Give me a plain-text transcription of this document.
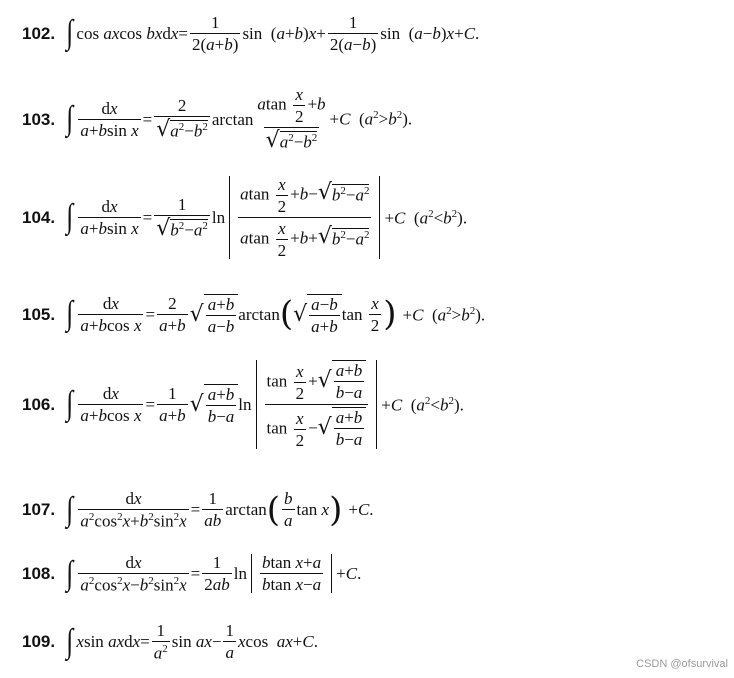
102. ∫ cos axcos bxdx= $\frac{1}{2(a+b)}$ $\sin (a+b)x+ \frac{1}{2(a-b)}$ sin  (a−b)x+C.
103. ∫ $\frac{dx}{\text{a+bsin x}} = \frac{2}{√ a^2-b^2}$ $\arctan \frac{atan \frac{x}{2} +b}{√ a^2-b^2} +C$  $(a^2>b^2)$.
104. ∫ $\frac{dx}{\text{a+bsin x}} = \frac{1}{√ b^2-a^2}$ $\ln \frac{atan \frac{x}{2} +b- √ b^2-a^2}{atan \frac{x}{2} +b+ √ b^2-a^2} +C$  $(a^2<b^2)$.
105. ∫ $\frac{dx}{\text{a+bcos x}} = \frac{2}{a+b}$ √ $\frac{a+b}{a-b}$ arctan ( √ $\frac{a-b}{a+b}$ $\tan \frac{x}{2}$ ) +C  $(a^2>b^2)$.
106. ∫ $\frac{dx}{\text{a+bcos x}} = \frac{1}{a+b}$ √ $\frac{a+b}{b-a}$ $\ln \frac{\tan \frac{x}{2} + √ \frac{a+b}{b-a}}{\tan \frac{x}{2} - √ \frac{a+b}{b-a}} +C$  $(a^2<b^2)$.
107. ∫ $\frac{dx}{a^2\cos^2x+b^2\sin^2x} = \frac{1}{ab}$ arctan ( $\frac{b}{a}$ tan x ) +C.
108. ∫ $\frac{dx}{a^2\cos^2x-b^2\sin^2x} = \frac{1}{2ab}$ $\ln \frac{\text{btan x+a}}{\text{btan x−a}} +C$.
109. ∫ xsin axdx= $\frac{1}{a^2}$ $\sin ax- \frac{1}{a}$ xcos  ax+C.
CSDN @ofsurvival
